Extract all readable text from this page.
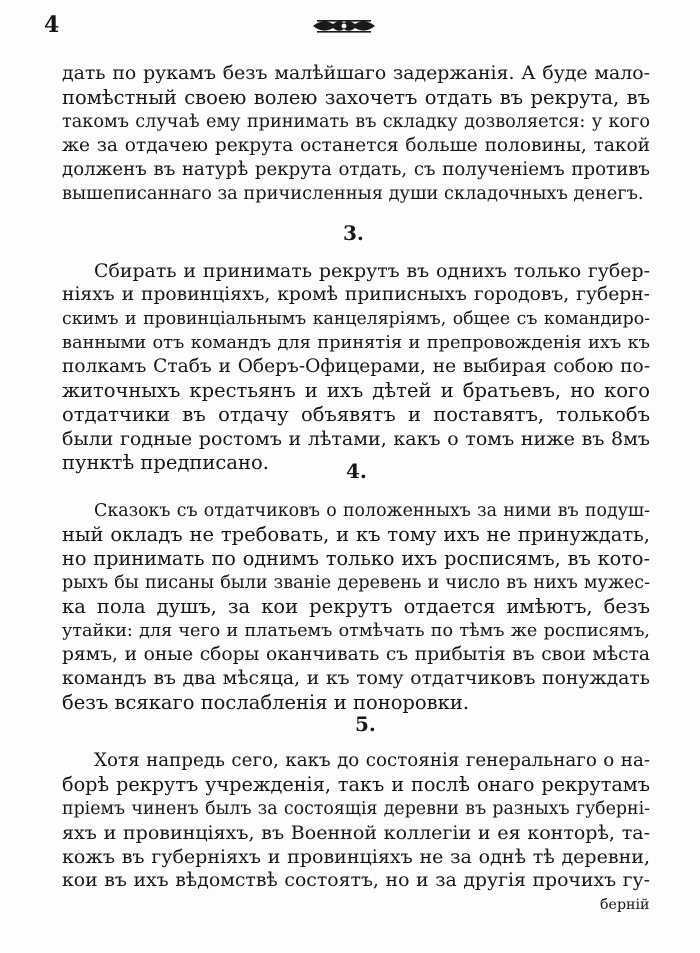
4
дать по рукамъ безъ малѣйшаго задержанія. А буде мало-
помѣстный своею волею захочетъ отдать въ рекрута, въ
такомъ случаѣ ему принимать въ складку дозволяется: у кого
же за отдачею рекрута останется больше половины, такой
долженъ въ натурѣ рекрута отдать, съ полученіемъ противъ
вышеписаннаго за причисленныя души складочныхъ денегъ.
3.
Сбирать и принимать рекрутъ въ однихъ только губер-
ніяхъ и провинціяхъ, кромѣ приписныхъ городовъ, губерн-
скимъ и провинціальнымъ канцеляріямъ, общее съ командиро-
ванными отъ командъ для принятія и препровожденія ихъ къ
полкамъ Стабъ и Оберъ-Офицерами, не выбирая собою по-
житочныхъ крестьянъ и ихъ дѣтей и братьевъ, но кого
отдатчики въ отдачу объявятъ и поставятъ, толькобъ
были годные ростомъ и лѣтами, какъ о томъ ниже въ 8мъ
пунктѣ предписано.	4.
Сказокъ съ отдатчиковъ о положенныхъ за ними въ подуш-
ный окладъ не требовать, и къ тому ихъ не принуждать,
но принимать по однимъ только ихъ росписямъ, въ кото-
рыхъ бы писаны были званіе деревень и число въ нихъ мужес-
ка пола душъ, за кои рекрутъ отдается имѣютъ, безъ
утайки: для чего и платьемъ отмѣчать по тѣмъ же росписямъ,
рямъ, и оные сборы оканчивать съ прибытія въ свои мѣста
командъ въ два мѣсяца, и къ тому отдатчиковъ понуждать
безъ всякаго послабленія и поноровки.
5.
Хотя напредь сего, какъ до состоянія генеральнаго о на-
борѣ рекрутъ учрежденія, такъ и послѣ онаго рекрутамъ
пріемъ чиненъ былъ за состоящія деревни въ разныхъ губерні-
яхъ и провинціяхъ, въ Военной коллегіи и ея конторѣ, та-
кожъ въ губерніяхъ и провинціяхъ не за однѣ тѣ деревни,
кои въ ихъ вѣдомствѣ состоятъ, но и за другія прочихъ гу-
берній
